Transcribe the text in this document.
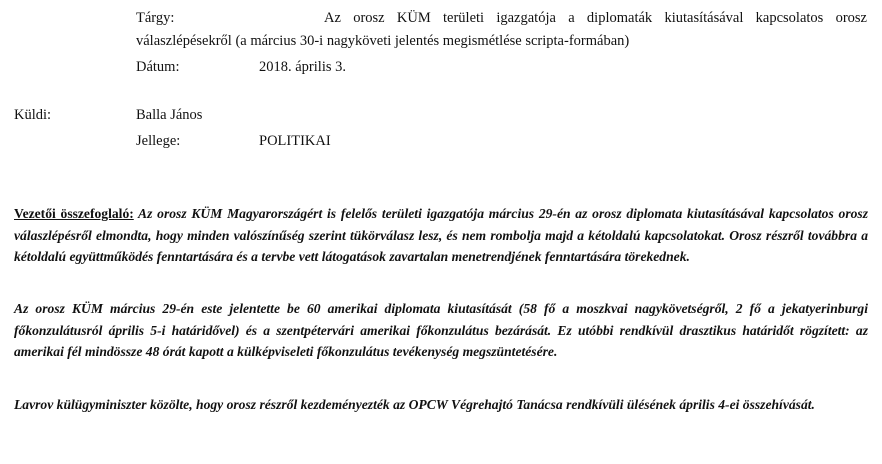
Tárgy:	Az orosz KÜM területi igazgatója a diplomaták kiutasításával kapcsolatos orosz
válaszlépésekről (a március 30-i nagyköveti jelentés megismétlése scripta-formában)
Dátum:	2018. április 3.
Küldi:	Balla János
Jellege:	POLITIKAI
Vezetői összefoglaló: Az orosz KÜM Magyarországért is felelős területi igazgatója március 29-én az orosz diplomata kiutasításával kapcsolatos orosz válaszlépésről elmondta, hogy minden valószínűség szerint tükörválasz lesz, és nem rombolja majd a kétoldalú kapcsolatokat. Orosz részről továbbra a kétoldalú együttműködés fenntartására és a tervbe vett látogatások zavartalan menetrendjének fenntartására törekednek.
Az orosz KÜM március 29-én este jelentette be 60 amerikai diplomata kiutasítását (58 fő a moszkvai nagykövetségről, 2 fő a jekatyerinburgi főkonzulátusról április 5-i határidővel) és a szentpétervári amerikai főkonzulátus bezárását. Ez utóbbi rendkívül drasztikus határidőt rögzített: az amerikai fél mindössze 48 órát kapott a külképviseleti főkonzulátus tevékenység megszüntetésére.
Lavrov külügyminiszter közölte, hogy orosz részről kezdeményezték az OPCW Végrehajtó Tanácsa rendkívüli ülésének április 4-ei összehívását.
